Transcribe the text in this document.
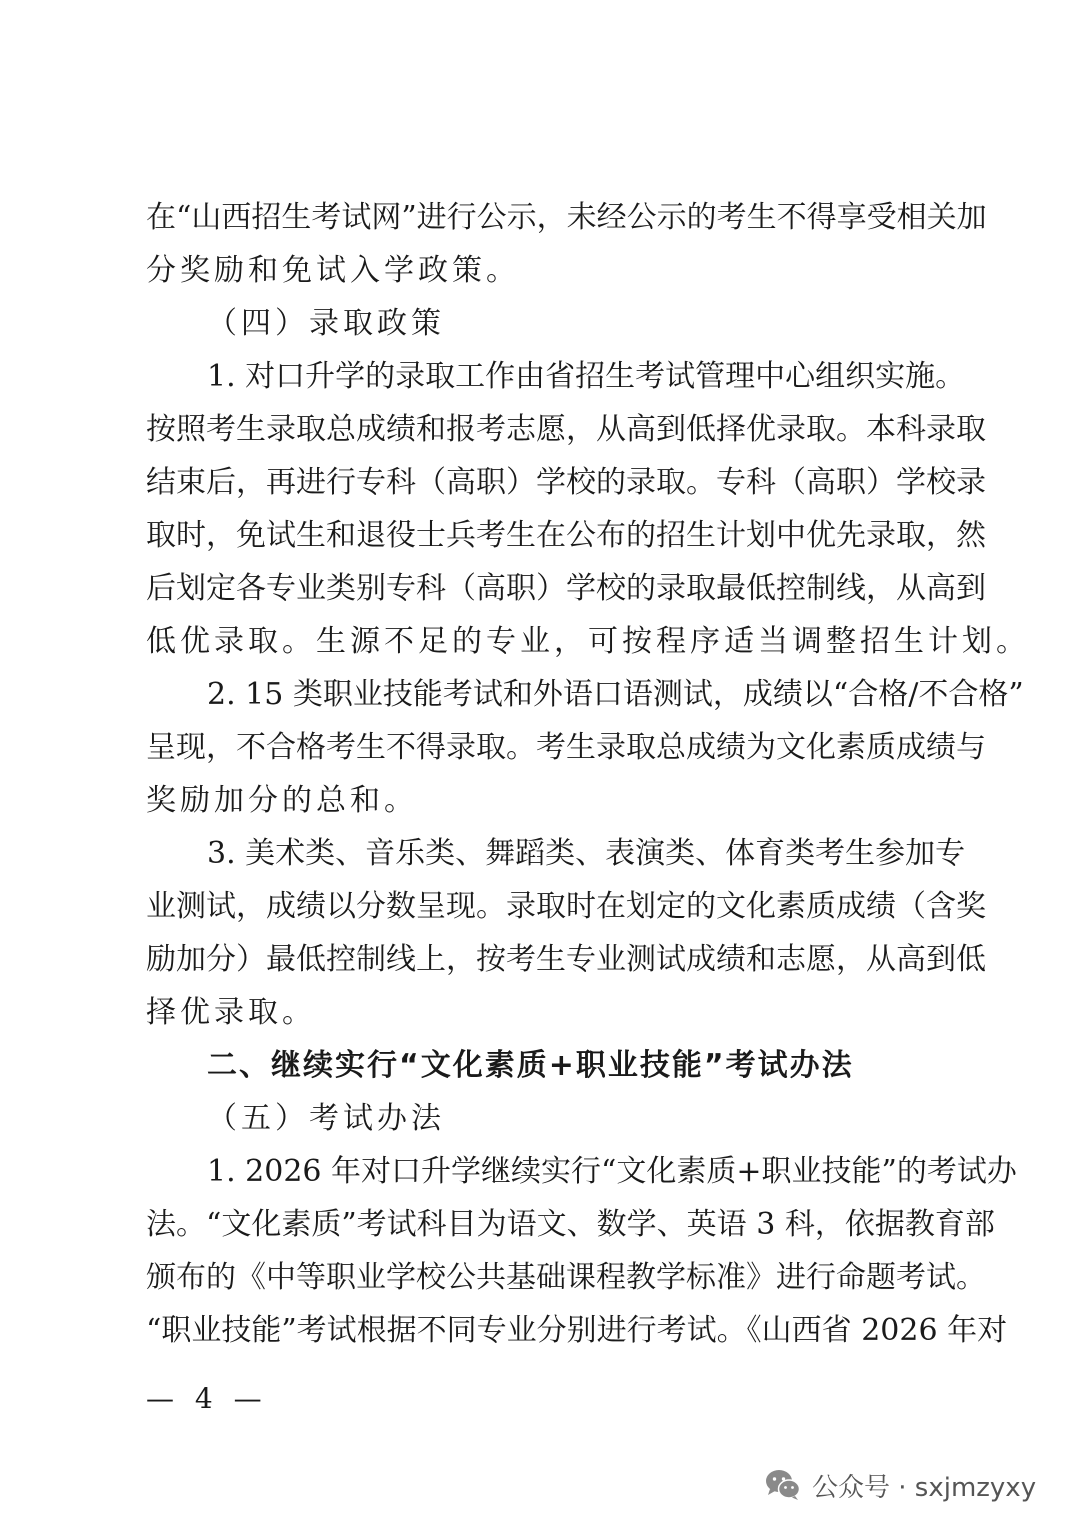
在“山西招生考试网”进行公示，未经公示的考生不得享受相关加
分奖励和免试入学政策。
（四）录取政策
1. 对口升学的录取工作由省招生考试管理中心组织实施。
按照考生录取总成绩和报考志愿，从高到低择优录取。本科录取
结束后，再进行专科（高职）学校的录取。专科（高职）学校录
取时，免试生和退役士兵考生在公布的招生计划中优先录取，然
后划定各专业类别专科（高职）学校的录取最低控制线，从高到
低优录取。生源不足的专业，可按程序适当调整招生计划。
2. 15 类职业技能考试和外语口语测试，成绩以“合格/不合格”
呈现，不合格考生不得录取。考生录取总成绩为文化素质成绩与
奖励加分的总和。
3. 美术类、音乐类、舞蹈类、表演类、体育类考生参加专
业测试，成绩以分数呈现。录取时在划定的文化素质成绩（含奖
励加分）最低控制线上，按考生专业测试成绩和志愿，从高到低
择优录取。
二、继续实行“文化素质+职业技能”考试办法
（五）考试办法
1. 2026 年对口升学继续实行“文化素质+职业技能”的考试办
法。“文化素质”考试科目为语文、数学、英语 3 科，依据教育部
颁布的《中等职业学校公共基础课程教学标准》进行命题考试。
“职业技能”考试根据不同专业分别进行考试。《山西省 2026 年对
— 4 —
公众号 · sxjmzyxy
